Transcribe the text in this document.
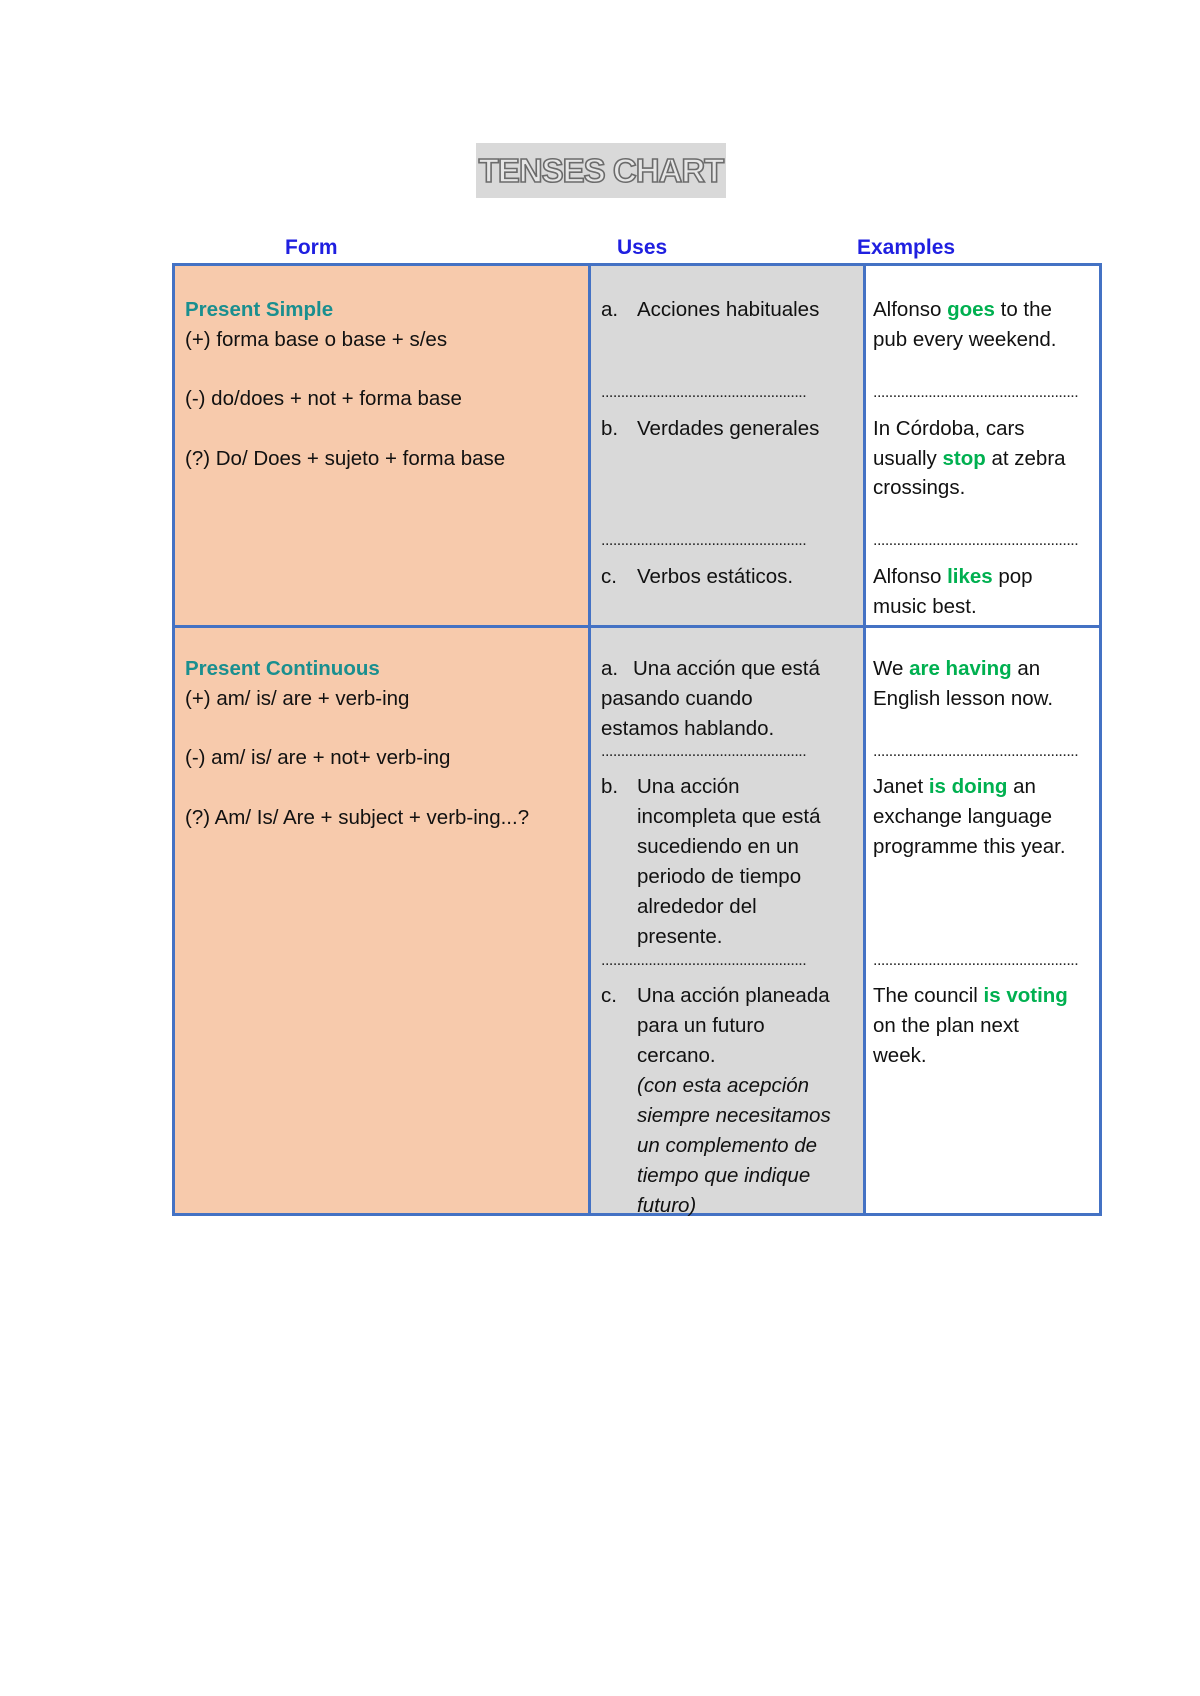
TENSES CHART
Form	Uses	Examples
Present Simple
(+) forma base o base + s/es
(-) do/does + not + forma base
(?) Do/ Does + sujeto + forma base
a. Acciones habituales
....................................................
b. Verdades generales
....................................................
c. Verbos estáticos.
Alfonso goes to the
pub every weekend.
....................................................
In Córdoba, cars
usually stop at zebra
crossings.
....................................................
Alfonso likes pop
music best.
Present Continuous
(+) am/ is/ are + verb-ing
(-) am/ is/ are + not+ verb-ing
(?) Am/ Is/ Are + subject + verb-ing...?
a. Una acción que está
pasando cuando
estamos hablando.
....................................................
b. Una acción
incompleta que está
sucediendo en un
periodo de tiempo
alrededor del
presente.
....................................................
c. Una acción planeada
para un futuro
cercano.
(con esta acepción
siempre necesitamos
un complemento de
tiempo que indique
futuro)
We are having an
English lesson now.
....................................................
Janet is doing an
exchange language
programme this year.
....................................................
The council is voting
on the plan next
week.
